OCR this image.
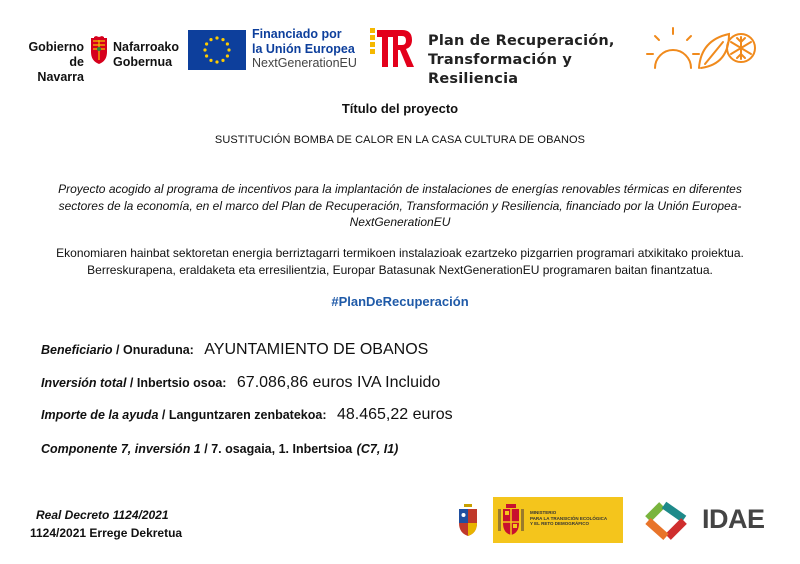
Gobierno
de Navarra
Nafarroako
Gobernua
Financiado por
la Unión Europea
NextGenerationEU
Plan de Recuperación,
Transformación y Resiliencia
Título del proyecto
SUSTITUCIÓN BOMBA DE CALOR EN LA CASA CULTURA DE OBANOS
Proyecto acogido al programa de incentivos para la implantación de instalaciones de energías renovables térmicas en diferentes sectores de la economía, en el marco del Plan de Recuperación, Transformación y Resiliencia, financiado por la Unión Europea- NextGenerationEU
Ekonomiaren hainbat sektoretan energia berriztagarri termikoen instalazioak ezartzeko pizgarrien programari atxikitako proiektua. Berreskurapena, eraldaketa eta erresilientzia, Europar Batasunak NextGenerationEU programaren baitan finantzatua.
#PlanDeRecuperación
Beneficiario / Onuraduna: AYUNTAMIENTO DE OBANOS
Inversión total / Inbertsio osoa: 67.086,86 euros IVA Incluido
Importe de la ayuda / Languntzaren zenbatekoa: 48.465,22 euros
Componente 7, inversión 1 / 7. osagaia, 1. Inbertsioa (C7, I1)
Real Decreto 1124/2021
1124/2021 Errege Dekretua
MINISTERIO
PARA LA TRANSICIÓN ECOLÓGICA
Y EL RETO DEMOGRÁFICO	IDAE
